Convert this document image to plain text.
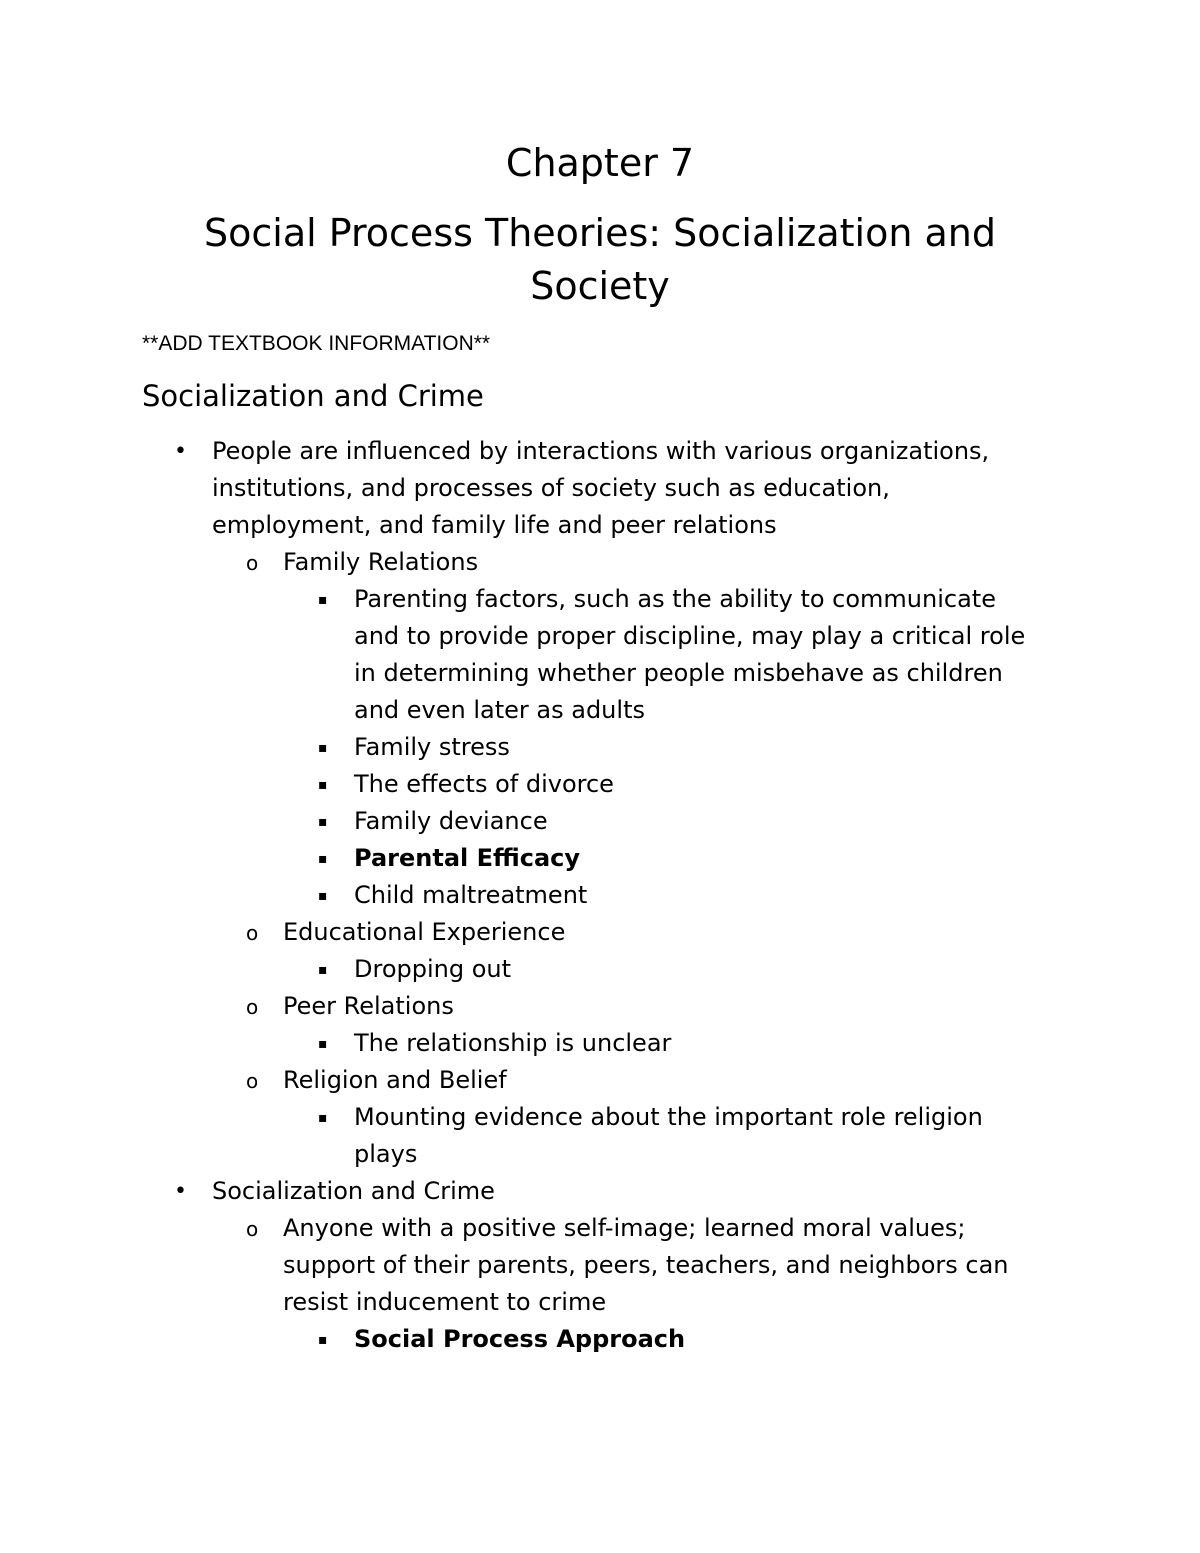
Chapter 7
Social Process Theories: Socialization and Society

**ADD TEXTBOOK INFORMATION**

Socialization and Crime
• People are influenced by interactions with various organizations, institutions, and processes of society such as education, employment, and family life and peer relations
o Family Relations
▪ Parenting factors, such as the ability to communicate and to provide proper discipline, may play a critical role in determining whether people misbehave as children and even later as adults
▪ Family stress
▪ The effects of divorce
▪ Family deviance
▪ Parental Efficacy
▪ Child maltreatment
o Educational Experience
▪ Dropping out
o Peer Relations
▪ The relationship is unclear
o Religion and Belief
▪ Mounting evidence about the important role religion plays
• Socialization and Crime
o Anyone with a positive self-image; learned moral values; support of their parents, peers, teachers, and neighbors can resist inducement to crime
▪ Social Process Approach
